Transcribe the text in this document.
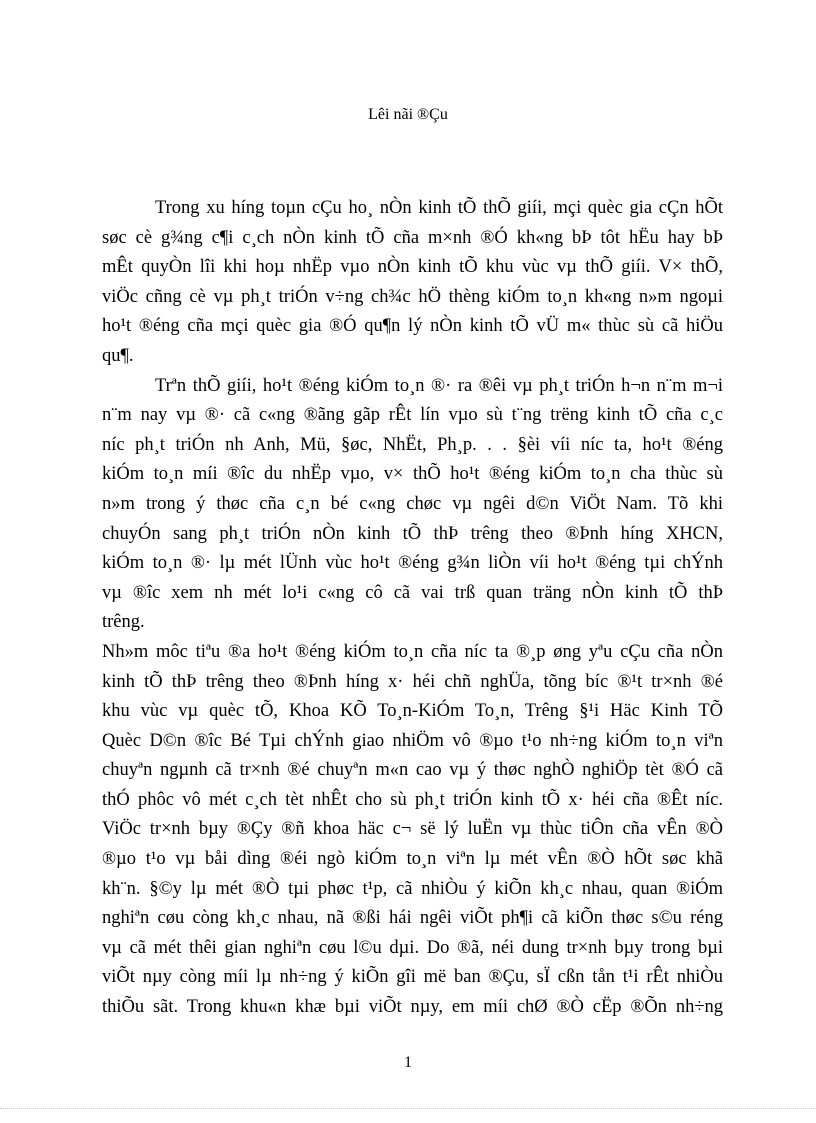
Lêi nãi ®Çu

Trong xu híng toµn cÇu ho¸ nÒn kinh tÕ thÕ giíi, mçi quèc gia cÇn hÕt
søc cè g¾ng c¶i c¸ch nÒn kinh tÕ cña m×nh ®Ó kh«ng bÞ tôt hËu hay bÞ
mÊt quyÒn lîi khi hoµ nhËp vµo nÒn kinh tÕ khu vùc vµ thÕ giíi. V× thÕ,
viÖc cñng cè vµ ph¸t triÓn v÷ng ch¾c hÖ thèng kiÓm to¸n kh«ng n»m ngoµi
ho¹t ®éng cña mçi quèc gia ®Ó qu¶n lý nÒn kinh tÕ vÜ m« thùc sù cã hiÖu
qu¶.

Trªn thÕ giíi, ho¹t ®éng kiÓm to¸n ®· ra ®êi vµ ph¸t triÓn h¬n n¨m m¬i
n¨m nay vµ ®· cã c«ng ®ãng gãp rÊt lín vµo sù t¨ng trëng kinh tÕ cña c¸c
níc ph¸t triÓn nh Anh, Mü, §øc, NhËt, Ph¸p. . . §èi víi níc ta, ho¹t ®éng
kiÓm to¸n míi ®îc du nhËp vµo, v× thÕ ho¹t ®éng kiÓm to¸n cha thùc sù
n»m trong ý thøc cña c¸n bé c«ng chøc vµ ngêi d©n ViÖt Nam. Tõ khi
chuyÓn sang ph¸t triÓn nÒn kinh tÕ thÞ trêng theo ®Þnh híng XHCN,
kiÓm to¸n ®· lµ mét lÜnh vùc ho¹t ®éng g¾n liÒn víi ho¹t ®éng tµi chÝnh
vµ ®îc xem nh mét lo¹i c«ng cô cã vai trß quan träng nÒn kinh tÕ thÞ
trêng.

Nh»m môc tiªu ®a ho¹t ®éng kiÓm to¸n cña níc ta ®¸p øng yªu cÇu cña nÒn
kinh tÕ thÞ trêng theo ®Þnh híng x· héi chñ nghÜa, tõng bíc ®¹t tr×nh ®é
khu vùc vµ quèc tÕ, Khoa KÕ To¸n-KiÓm To¸n, Trêng §¹i Häc Kinh TÕ
Quèc D©n ®îc Bé Tµi chÝnh giao nhiÖm vô ®µo t¹o nh÷ng kiÓm to¸n viªn
chuyªn ngµnh cã tr×nh ®é chuyªn m«n cao vµ ý thøc nghÒ nghiÖp tèt ®Ó cã
thÓ phôc vô mét c¸ch tèt nhÊt cho sù ph¸t triÓn kinh tÕ x· héi cña ®Êt níc.
ViÖc tr×nh bµy ®Çy ®ñ khoa häc c¬ së lý luËn vµ thùc tiÔn cña vÊn ®Ò
®µo t¹o vµ båi dìng ®éi ngò kiÓm to¸n viªn lµ mét vÊn ®Ò hÕt søc khã
kh¨n. §©y lµ mét ®Ò tµi phøc t¹p, cã nhiÒu ý kiÕn kh¸c nhau, quan ®iÓm
nghiªn cøu còng kh¸c nhau, nã ®ßi hái ngêi viÕt ph¶i cã kiÕn thøc s©u réng
vµ cã mét thêi gian nghiªn cøu l©u dµi. Do ®ã, néi dung tr×nh bµy trong bµi
viÕt nµy còng míi lµ nh÷ng ý kiÕn gîi më ban ®Çu, sÏ cßn tån t¹i rÊt nhiÒu
thiÕu sãt. Trong khu«n khæ bµi viÕt nµy, em míi chØ ®Ò cËp ®Õn nh÷ng

1
